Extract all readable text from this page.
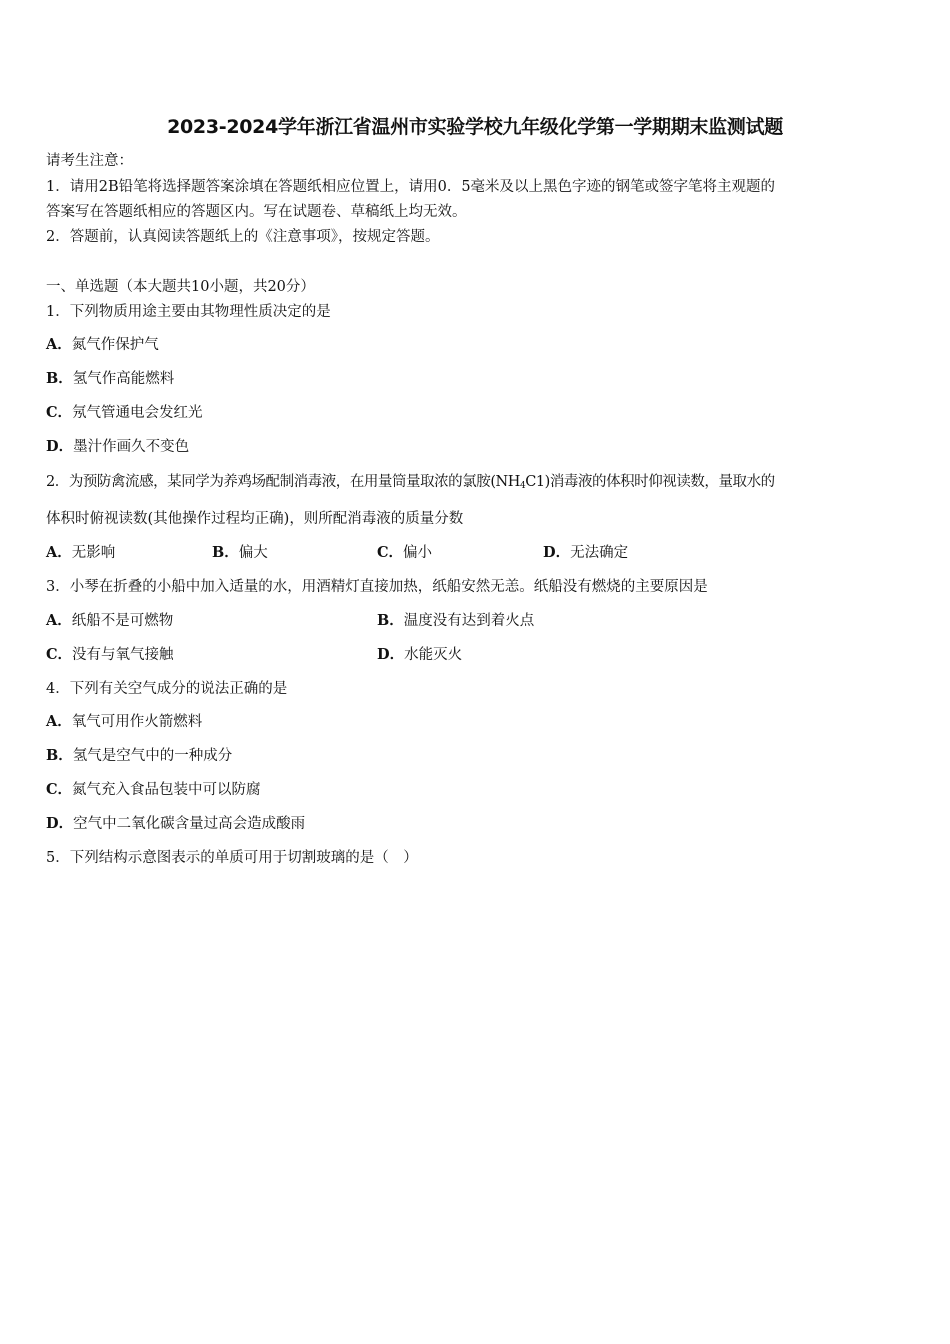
2023-2024学年浙江省温州市实验学校九年级化学第一学期期末监测试题
请考生注意：
1．请用2B铅笔将选择题答案涂填在答题纸相应位置上，请用0．5毫米及以上黑色字迹的钢笔或签字笔将主观题的
答案写在答题纸相应的答题区内。写在试题卷、草稿纸上均无效。
2．答题前，认真阅读答题纸上的《注意事项》，按规定答题。
一、单选题（本大题共10小题，共20分）
1．下列物质用途主要由其物理性质决定的是
A．氮气作保护气
B．氢气作高能燃料
C．氖气管通电会发红光
D．墨汁作画久不变色
2．为预防禽流感，某同学为养鸡场配制消毒液，在用量筒量取浓的氯胺$(NH_4C1)$消毒液的体积时仰视读数，量取水的
体积时俯视读数(其他操作过程均正确)，则所配消毒液的质量分数
A．无影响	B．偏大	C．偏小	D．无法确定
3．小琴在折叠的小船中加入适量的水，用酒精灯直接加热，纸船安然无恙。纸船没有燃烧的主要原因是
A．纸船不是可燃物	B．温度没有达到着火点
C．没有与氧气接触	D．水能灭火
4．下列有关空气成分的说法正确的是
A．氧气可用作火箭燃料
B．氢气是空气中的一种成分
C．氮气充入食品包装中可以防腐
D．空气中二氧化碳含量过高会造成酸雨
5．下列结构示意图表示的单质可用于切割玻璃的是（　）
